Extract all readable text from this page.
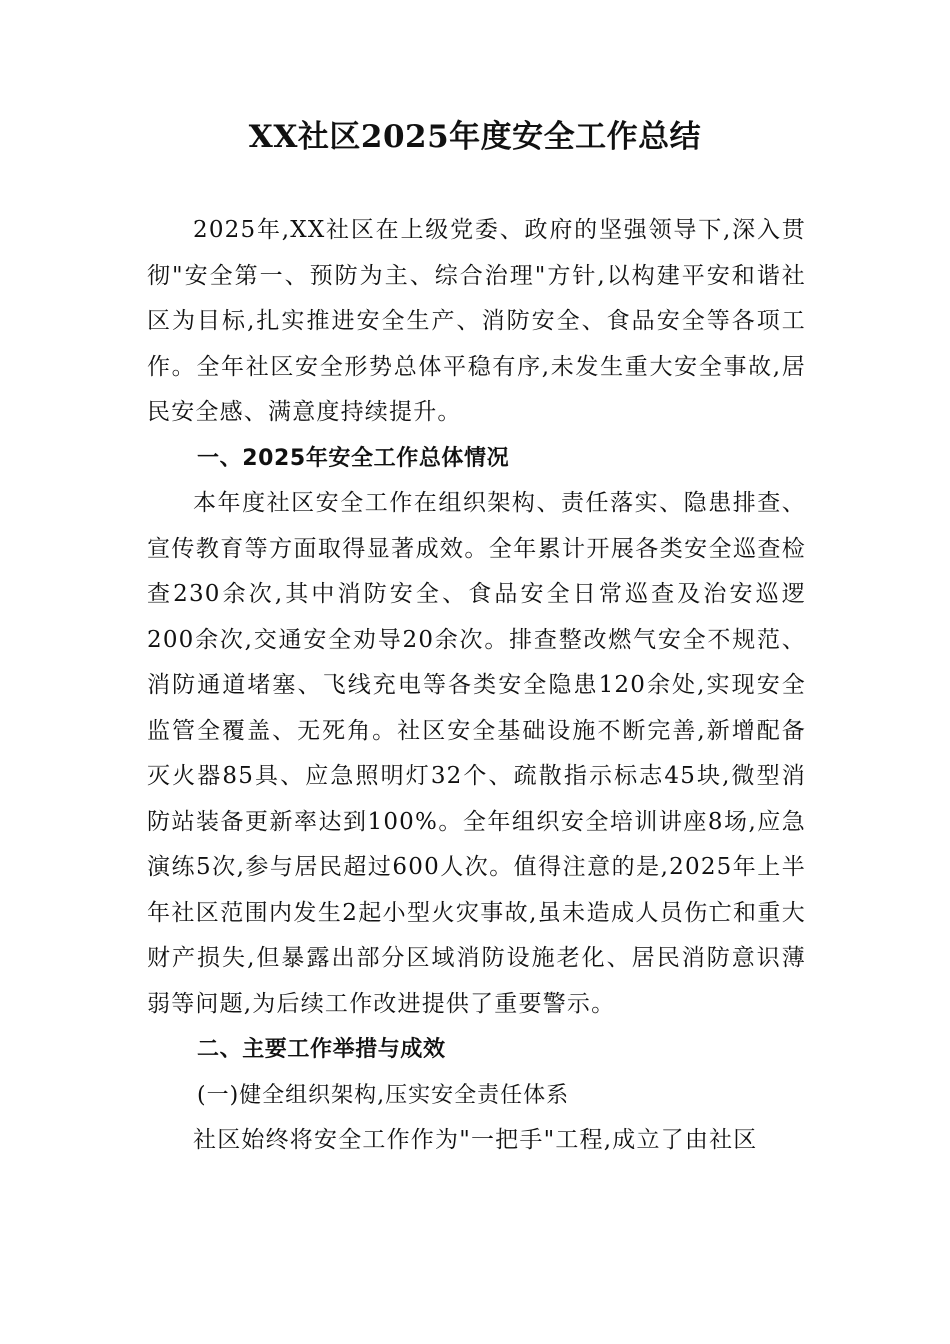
XX社区2025年度安全工作总结

2025年,XX社区在上级党委、政府的坚强领导下,深入贯彻"安全第一、预防为主、综合治理"方针,以构建平安和谐社区为目标,扎实推进安全生产、消防安全、食品安全等各项工作。全年社区安全形势总体平稳有序,未发生重大安全事故,居民安全感、满意度持续提升。

一、2025年安全工作总体情况

本年度社区安全工作在组织架构、责任落实、隐患排查、宣传教育等方面取得显著成效。全年累计开展各类安全巡查检查230余次,其中消防安全、食品安全日常巡查及治安巡逻200余次,交通安全劝导20余次。排查整改燃气安全不规范、消防通道堵塞、飞线充电等各类安全隐患120余处,实现安全监管全覆盖、无死角。社区安全基础设施不断完善,新增配备灭火器85具、应急照明灯32个、疏散指示标志45块,微型消防站装备更新率达到100%。全年组织安全培训讲座8场,应急演练5次,参与居民超过600人次。值得注意的是,2025年上半年社区范围内发生2起小型火灾事故,虽未造成人员伤亡和重大财产损失,但暴露出部分区域消防设施老化、居民消防意识薄弱等问题,为后续工作改进提供了重要警示。

二、主要工作举措与成效

(一)健全组织架构,压实安全责任体系

社区始终将安全工作作为"一把手"工程,成立了由社区
